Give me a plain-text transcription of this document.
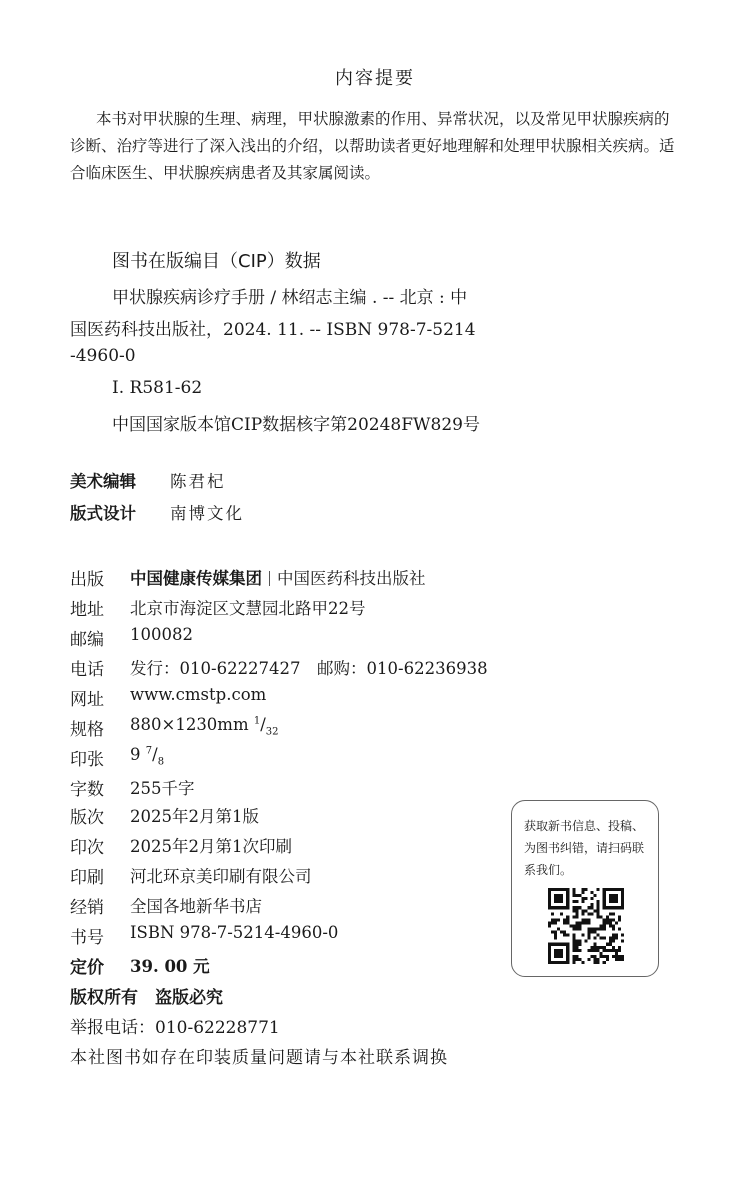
内容提要
本书对甲状腺的生理、病理，甲状腺激素的作用、异常状况，以及常见甲状腺疾病的
诊断、治疗等进行了深入浅出的介绍，以帮助读者更好地理解和处理甲状腺相关疾病。适
合临床医生、甲状腺疾病患者及其家属阅读。
图书在版编目（CIP）数据
甲状腺疾病诊疗手册 / 林绍志主编 . -- 北京 : 中
国医药科技出版社，2024. 11. -- ISBN 978-7-5214
-4960-0
Ⅰ. R581-62
中国国家版本馆CIP数据核字第20248FW829号
美术编辑 陈君杞
版式设计 南博文化
出版 中国健康传媒集团 中国医药科技出版社
地址 北京市海淀区文慧园北路甲22号
邮编 100082
电话 发行：010-62227427　邮购：010-62236938
网址 www.cmstp.com
规格 880×1230mm $^1/_{32}$
印张 9 $^7/_8$
字数 255千字
版次 2025年2月第1版
印次 2025年2月第1次印刷
印刷 河北环京美印刷有限公司
经销 全国各地新华书店
书号 ISBN 978-7-5214-4960-0
定价 39. 00 元
版权所有　盗版必究
举报电话：010-62228771
本社图书如存在印装质量问题请与本社联系调换
获取新书信息、投稿、为图书纠错，请扫码联系我们。
